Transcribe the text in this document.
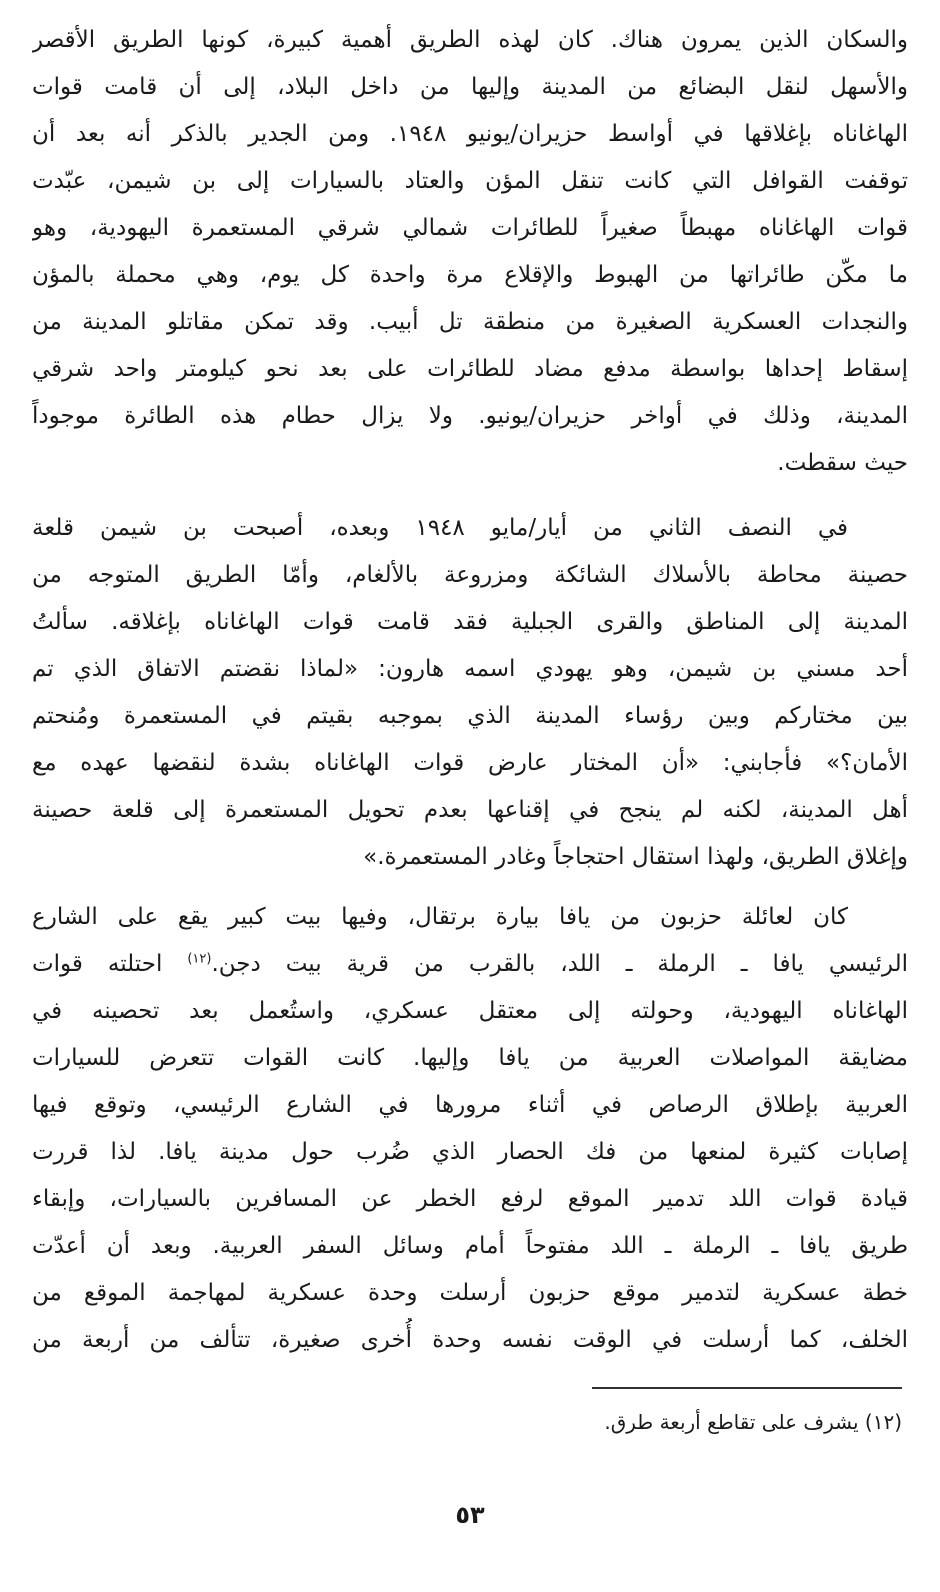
والسكان الذين يمرون هناك. كان لهذه الطريق أهمية كبيرة، كونها الطريق الأقصر
والأسهل لنقل البضائع من المدينة وإليها من داخل البلاد، إلى أن قامت قوات
الهاغاناه بإغلاقها في أواسط حزيران/يونيو ١٩٤٨. ومن الجدير بالذكر أنه بعد أن
توقفت القوافل التي كانت تنقل المؤن والعتاد بالسيارات إلى بن شيمن، عبّدت
قوات الهاغاناه مهبطاً صغيراً للطائرات شمالي شرقي المستعمرة اليهودية، وهو
ما مكّن طائراتها من الهبوط والإقلاع مرة واحدة كل يوم، وهي محملة بالمؤن
والنجدات العسكرية الصغيرة من منطقة تل أبيب. وقد تمكن مقاتلو المدينة من
إسقاط إحداها بواسطة مدفع مضاد للطائرات على بعد نحو كيلومتر واحد شرقي
المدينة، وذلك في أواخر حزيران/يونيو. ولا يزال حطام هذه الطائرة موجوداً
حيث سقطت.
في النصف الثاني من أيار/مايو ١٩٤٨ وبعده، أصبحت بن شيمن قلعة
حصينة محاطة بالأسلاك الشائكة ومزروعة بالألغام، وأمّا الطريق المتوجه من
المدينة إلى المناطق والقرى الجبلية فقد قامت قوات الهاغاناه بإغلاقه. سألتُ
أحد مسني بن شيمن، وهو يهودي اسمه هارون: «لماذا نقضتم الاتفاق الذي تم
بين مختاركم وبين رؤساء المدينة الذي بموجبه بقيتم في المستعمرة ومُنحتم
الأمان؟» فأجابني: «أن المختار عارض قوات الهاغاناه بشدة لنقضها عهده مع
أهل المدينة، لكنه لم ينجح في إقناعها بعدم تحويل المستعمرة إلى قلعة حصينة
وإغلاق الطريق، ولهذا استقال احتجاجاً وغادر المستعمرة.»
كان لعائلة حزبون من يافا بيارة برتقال، وفيها بيت كبير يقع على الشارع
الرئيسي يافا ـ الرملة ـ اللد، بالقرب من قرية بيت دجن.$^{(١٢)}$ احتلته قوات
الهاغاناه اليهودية، وحولته إلى معتقل عسكري، واستُعمل بعد تحصينه في
مضايقة المواصلات العربية من يافا وإليها. كانت القوات تتعرض للسيارات
العربية بإطلاق الرصاص في أثناء مرورها في الشارع الرئيسي، وتوقع فيها
إصابات كثيرة لمنعها من فك الحصار الذي ضُرب حول مدينة يافا. لذا قررت
قيادة قوات اللد تدمير الموقع لرفع الخطر عن المسافرين بالسيارات، وإبقاء
طريق يافا ـ الرملة ـ اللد مفتوحاً أمام وسائل السفر العربية. وبعد أن أعدّت
خطة عسكرية لتدمير موقع حزبون أرسلت وحدة عسكرية لمهاجمة الموقع من
الخلف، كما أرسلت في الوقت نفسه وحدة أُخرى صغيرة، تتألف من أربعة من
(١٢) يشرف على تقاطع أربعة طرق.
٥٣
